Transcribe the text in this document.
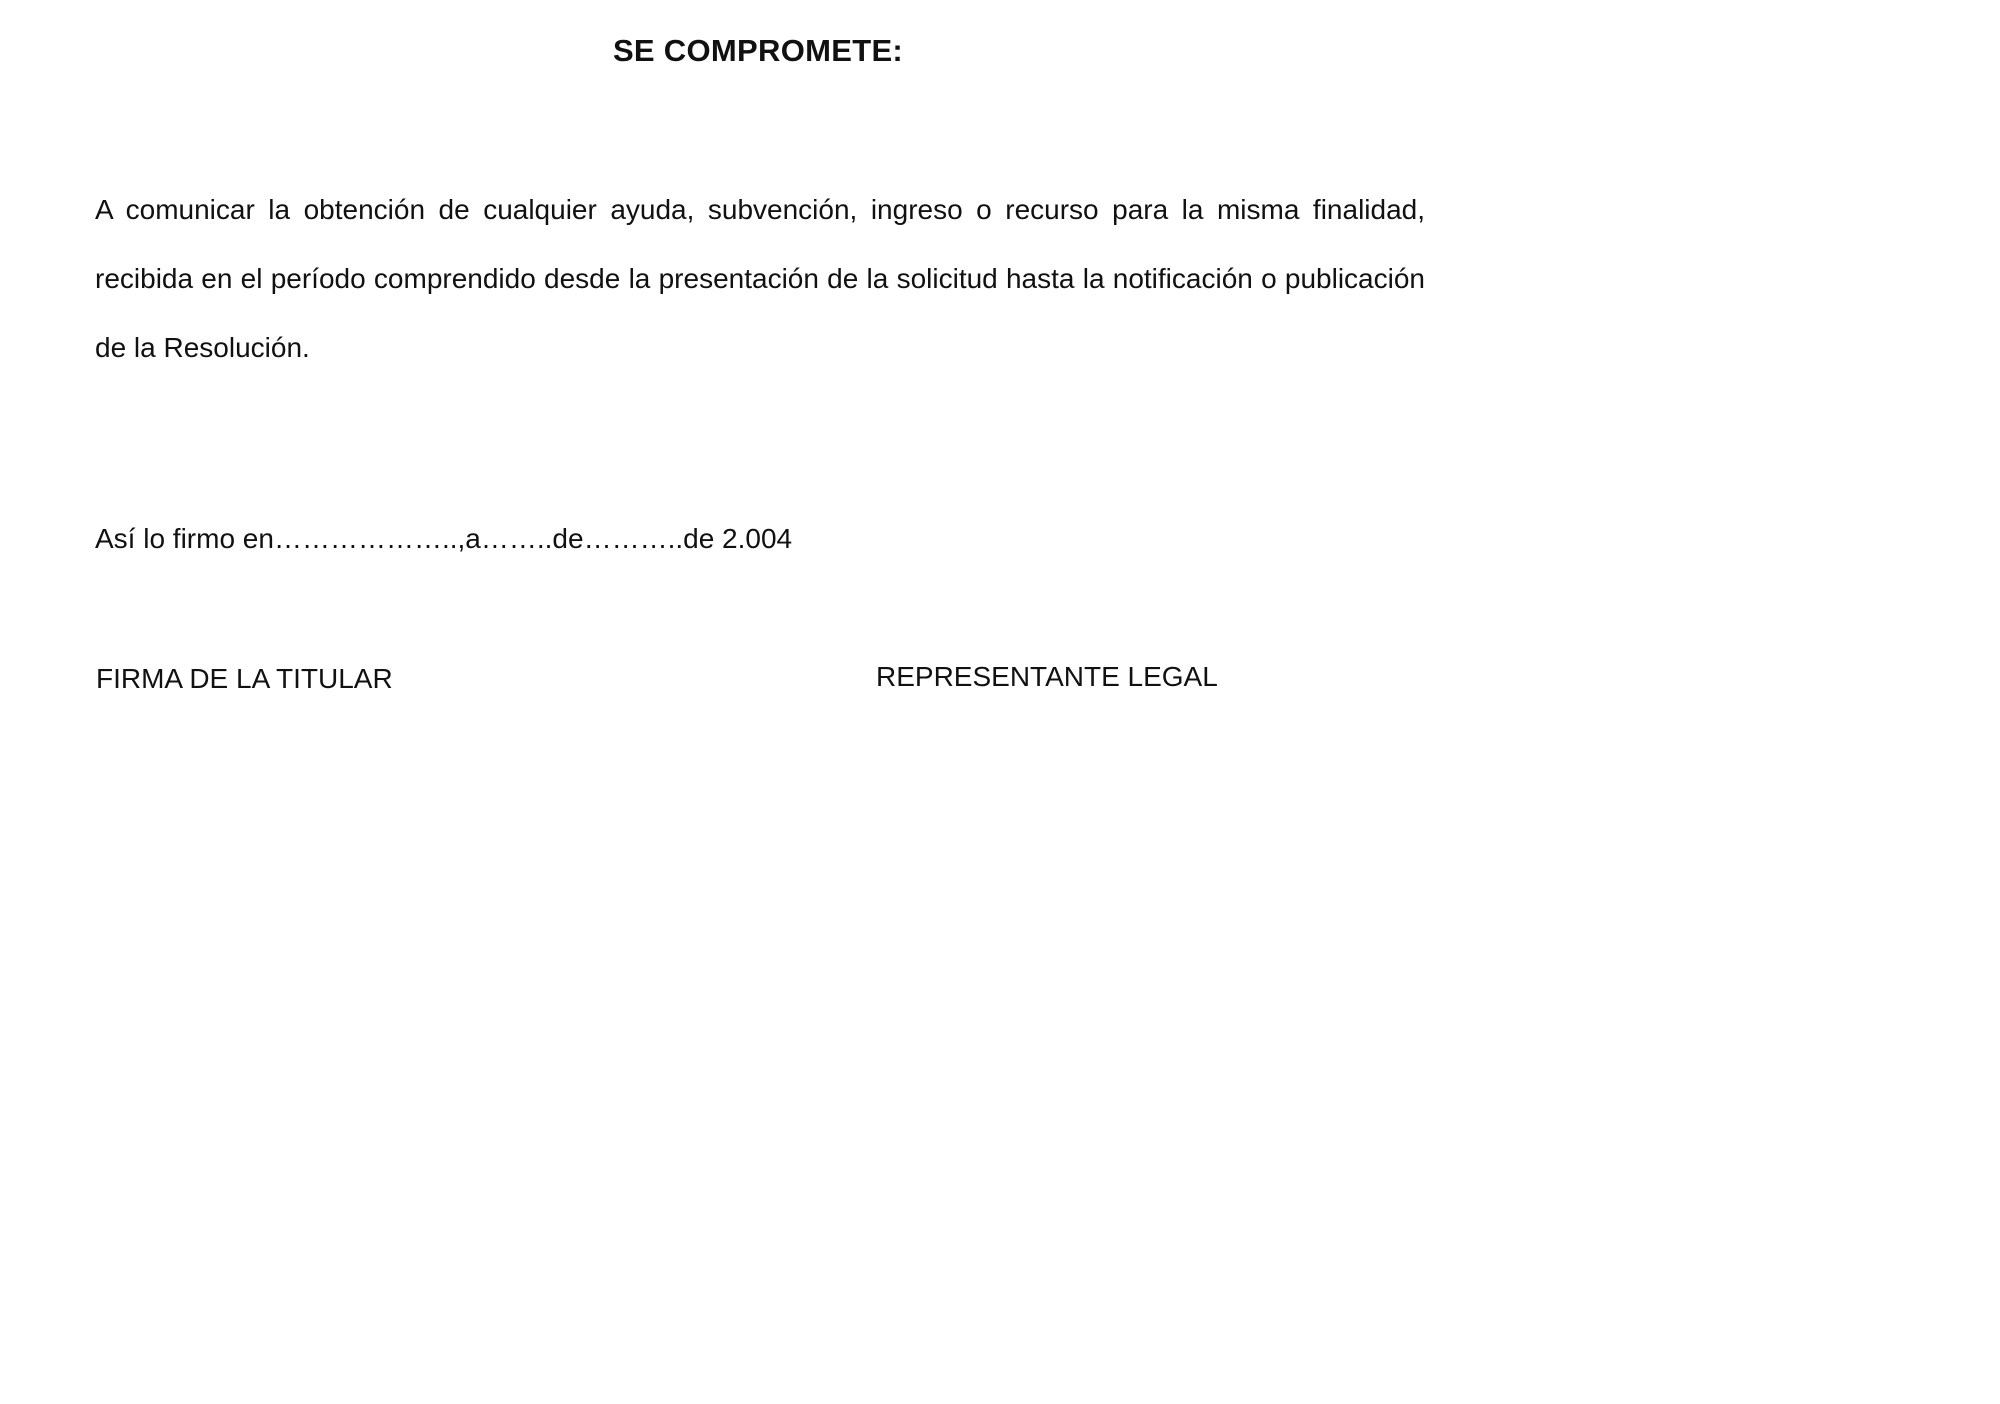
SE COMPROMETE:

A comunicar la obtención de cualquier ayuda, subvención, ingreso o recurso para la misma finalidad, recibida en el período comprendido desde la presentación de la solicitud hasta la notificación o publicación de la Resolución.

Así lo firmo en………………..,a……..de………..de 2.004
FIRMA DE LA TITULAR	REPRESENTANTE LEGAL
